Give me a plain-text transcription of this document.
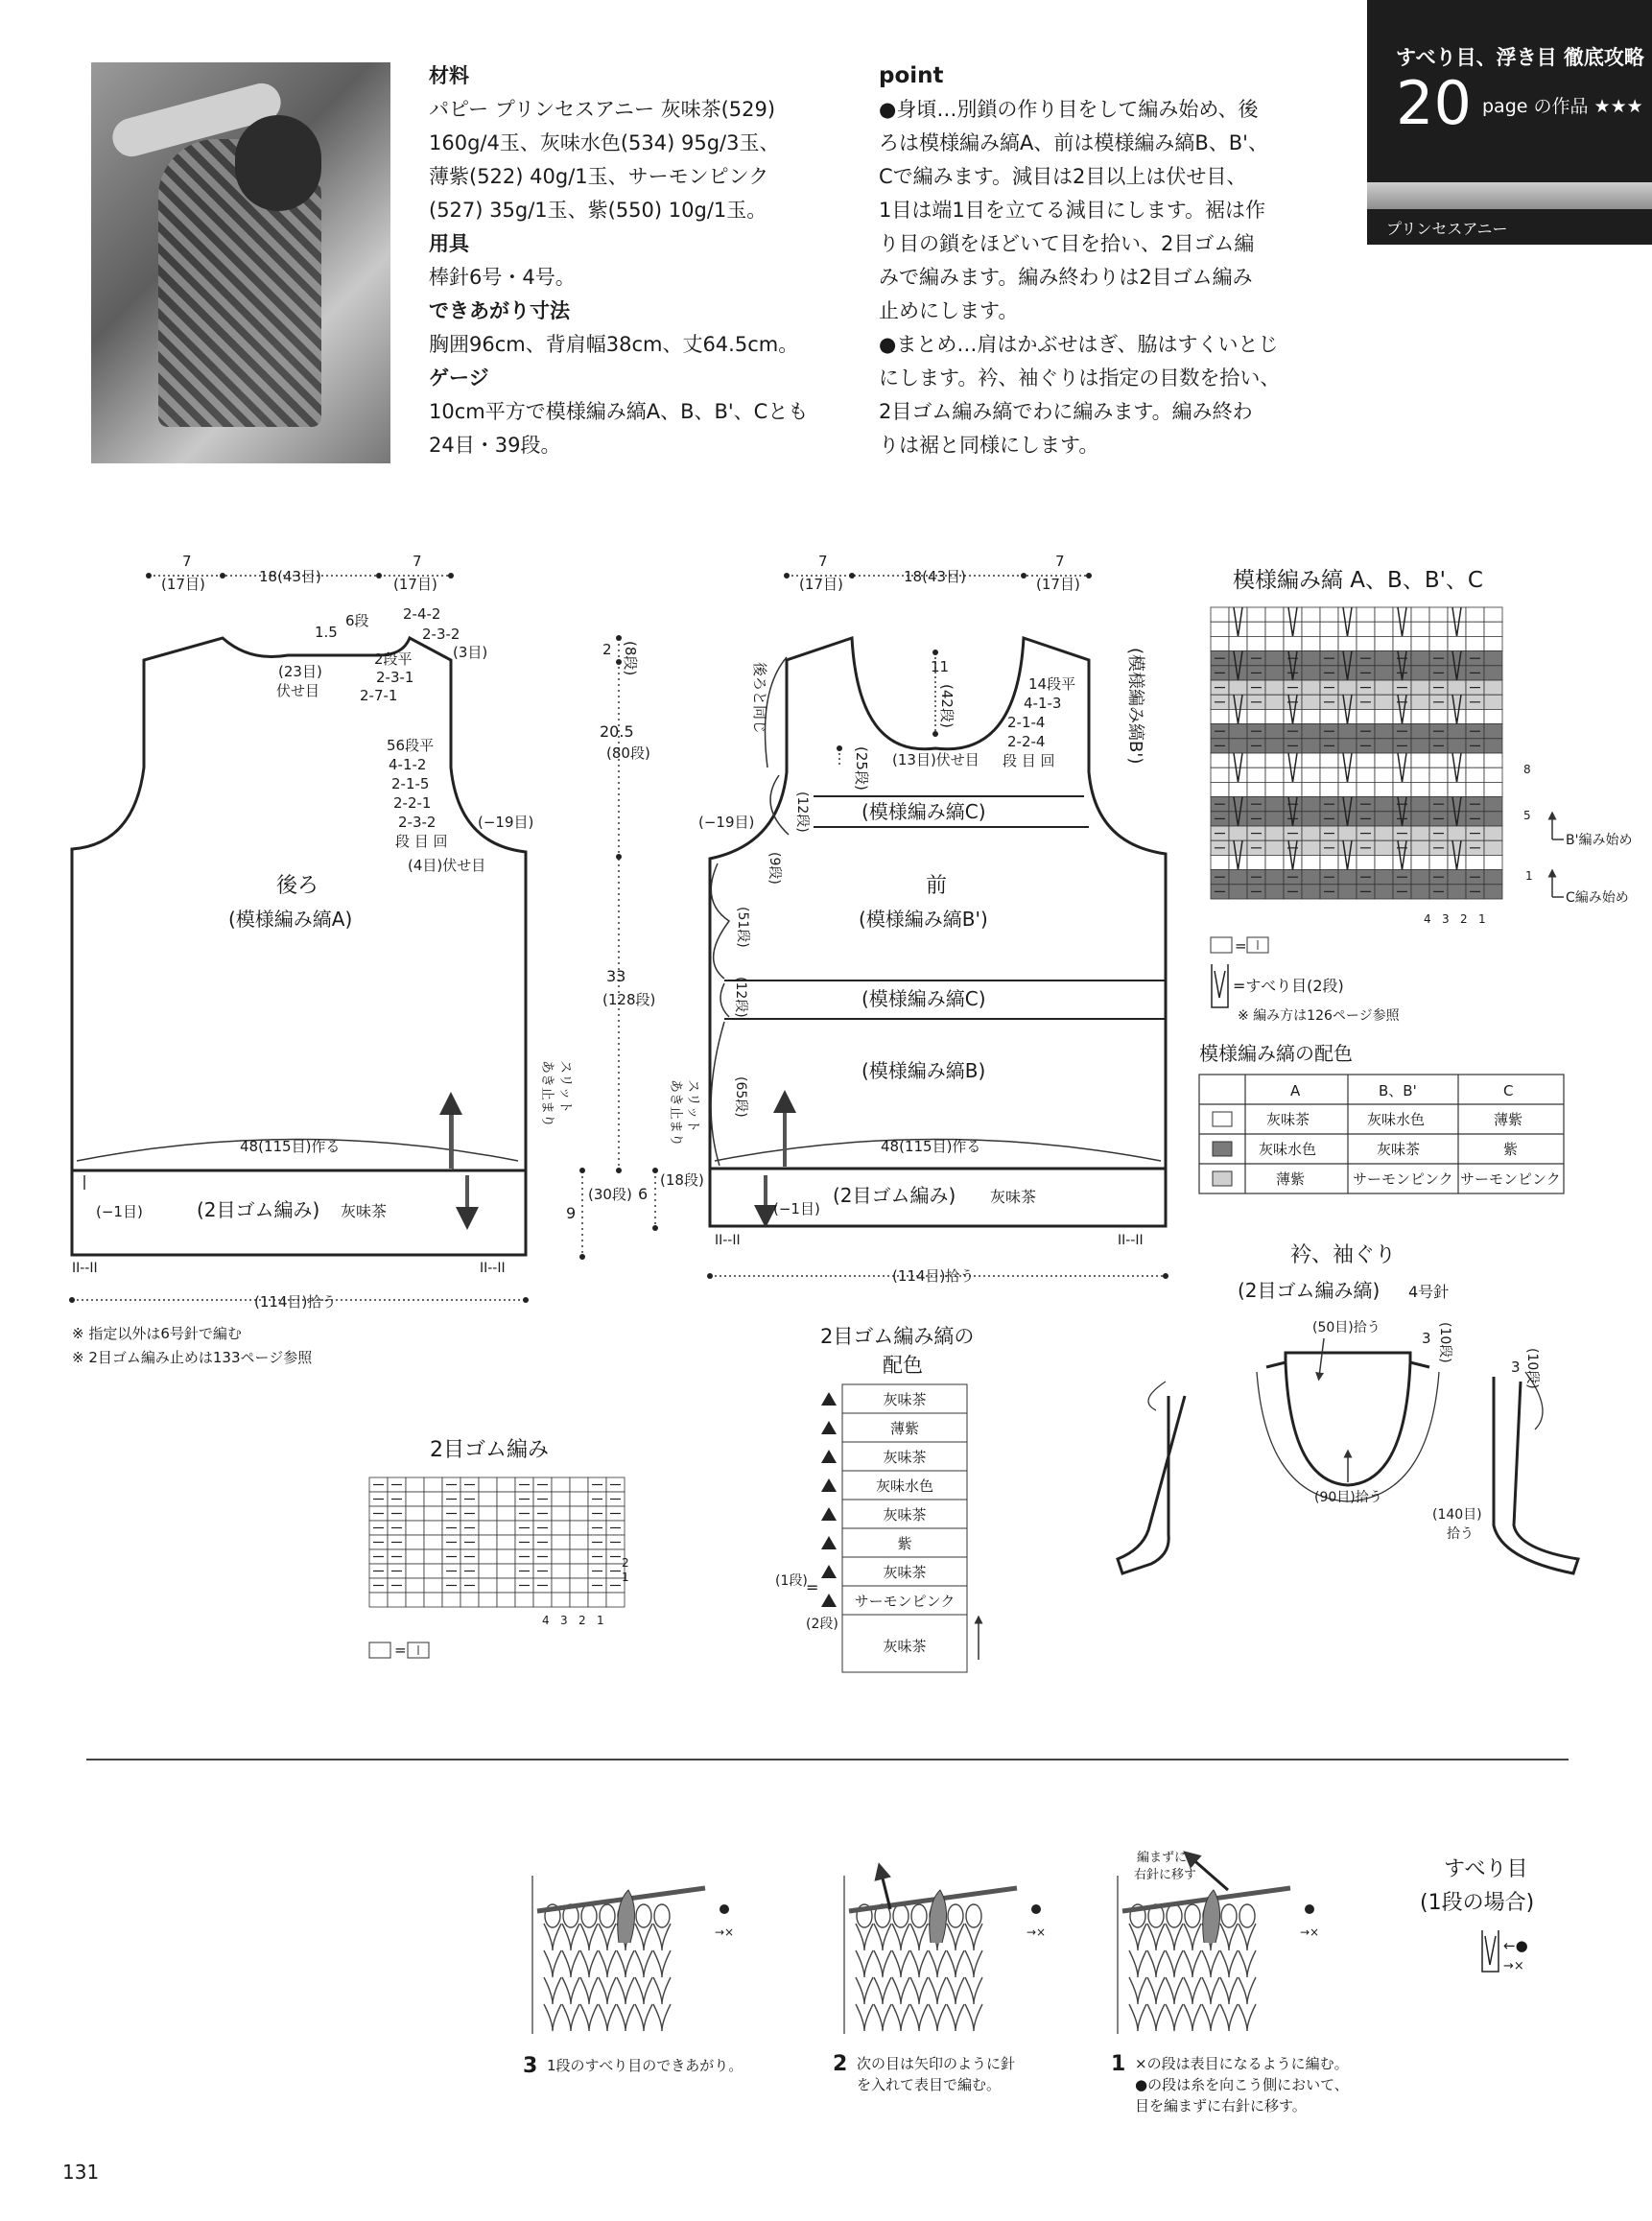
材料
パピー プリンセスアニー 灰味茶(529)
160g/4玉、灰味水色(534) 95g/3玉、
薄紫(522) 40g/1玉、サーモンピンク
(527) 35g/1玉、紫(550) 10g/1玉。
用具
棒針6号・4号。
できあがり寸法
胸囲96cm、背肩幅38cm、丈64.5cm。
ゲージ
10cm平方で模様編み縞A、B、B'、Cとも
24目・39段。
point
●身頃…別鎖の作り目をして編み始め、後
ろは模様編み縞A、前は模様編み縞B、B'、
Cで編みます。減目は2目以上は伏せ目、
1目は端1目を立てる減目にします。裾は作
り目の鎖をほどいて目を拾い、2目ゴム編
みで編みます。編み終わりは2目ゴム編み
止めにします。
●まとめ…肩はかぶせはぎ、脇はすくいとじ
にします。衿、袖ぐりは指定の目数を拾い、
2目ゴム編み縞でわに編みます。編み終わ
りは裾と同様にします。
すべり目、浮き目 徹底攻略
20 page の作品 ★★★
プリンセスアニー
7
(17目)	18(43目)
7
(17目)
2-4-2
2-3-2
(3目)
1.5
6段
(23目)
伏せ目
2段平
2-3-1
2-7-1
56段平
4-1-2
2-1-5
2-2-1
2-3-2
段 目 回
(4目)伏せ目
(−19目)
後ろ
(模様編み縞A)
スリット
あき止まり
48(115目)作る
(2目ゴム編み) 灰味茶
(−1目)
II--II	II--II
(114目)拾う
※ 指定以外は6号針で編む
※ 2目ゴム編み止めは133ページ参照
2 (8段)
20.5
(80段)
33
(128段)
9
(30段) 6
(18段)
7
(17目)	18(43目)
7
(17目)
後ろと同じ	11
(42段)	14段平
4-1-3
2-1-4
2-2-4
段 目 回
(25段) (13目)伏せ目	(模様編み縞B')
(模様編み縞C)
(12段)
(−19目)
(9段)
前
(模様編み縞B')
(51段)
(模様編み縞C)
(12段)
(模様編み縞B)
(65段)
スリット
あき止まり	48(115目)作る
(2目ゴム編み) 灰味茶
(−1目)
II--II	II--II
(114目)拾う
模様編み縞 A、B、B'、C
8
5
1
4 3 2 1
B'編み始め
C編み始め
=
=すべり目(2段)
※ 編み方は126ページ参照
模様編み縞の配色
A	B、B'	C
灰味茶	灰味水色	薄紫
灰味水色	灰味茶	紫
薄紫	サーモンピンク サーモンピンク
衿、袖ぐり
(2目ゴム編み縞) 4号針
(50目)拾う
3 (10段)
3 (10段)
(90目)拾う
(140目)
拾う
2目ゴム編み
2
1
4 3 2 1
=
2目ゴム編み縞の
配色
灰味茶
薄紫
灰味茶
灰味水色
灰味茶
紫
灰味茶
サーモンピンク
灰味茶
(1段)
=
(2段)
→×	→×	→×
すべり目
(1段の場合)
←●
→×
3 1段のすべり目のできあがり。	2 次の目は矢印のように針
を入れて表目で編む。
1 ×の段は表目になるように編む。
●の段は糸を向こう側において、
目を編まずに右針に移す。
編まずに
右針に移す
131
